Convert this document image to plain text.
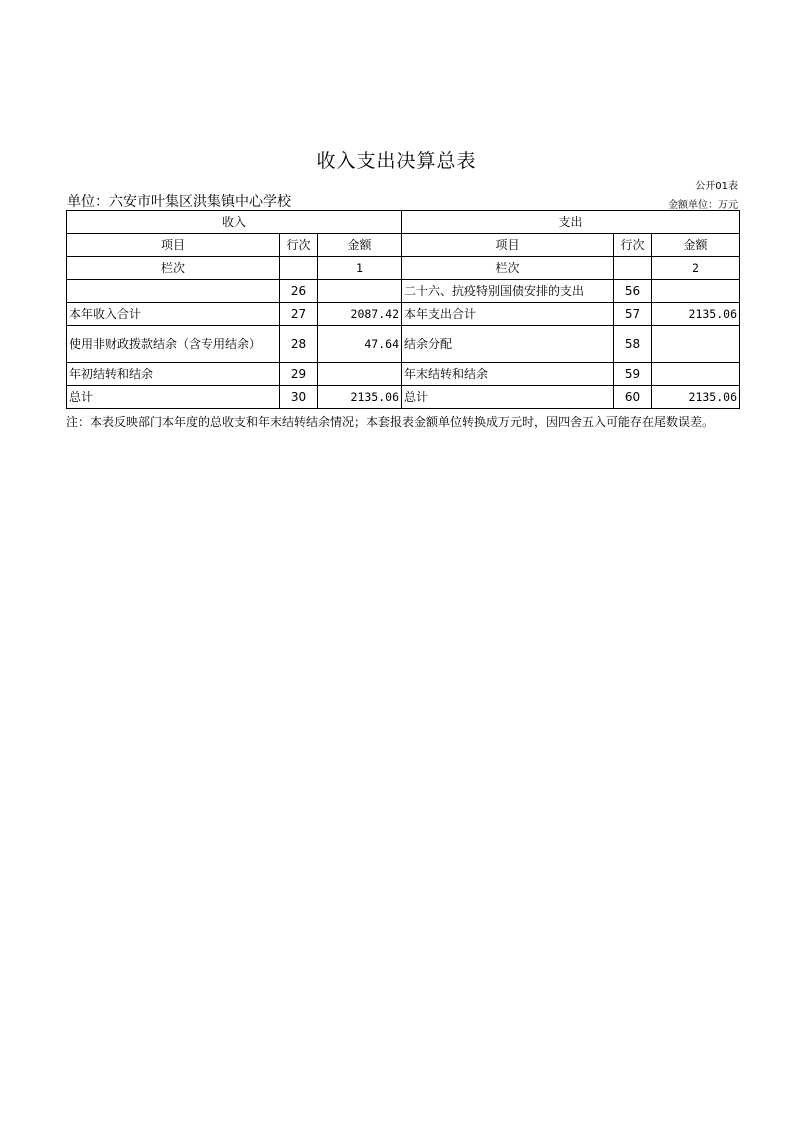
收入支出决算总表
公开01表
单位：六安市叶集区洪集镇中心学校	金额单位：万元
收入			支出		
项目	行次	金额	项目	行次	金额
栏次		1	栏次		2
	26		二十六、抗疫特别国债安排的支出	56	
本年收入合计	27	2087.42	本年支出合计	57	2135.06
使用非财政拨款结余（含专用结余）	28	47.64	结余分配	58	
年初结转和结余	29		年末结转和结余	59	
总计	30	2135.06	总计	60	2135.06
注：本表反映部门本年度的总收支和年末结转结余情况；本套报表金额单位转换成万元时，因四舍五入可能存在尾数误差。
